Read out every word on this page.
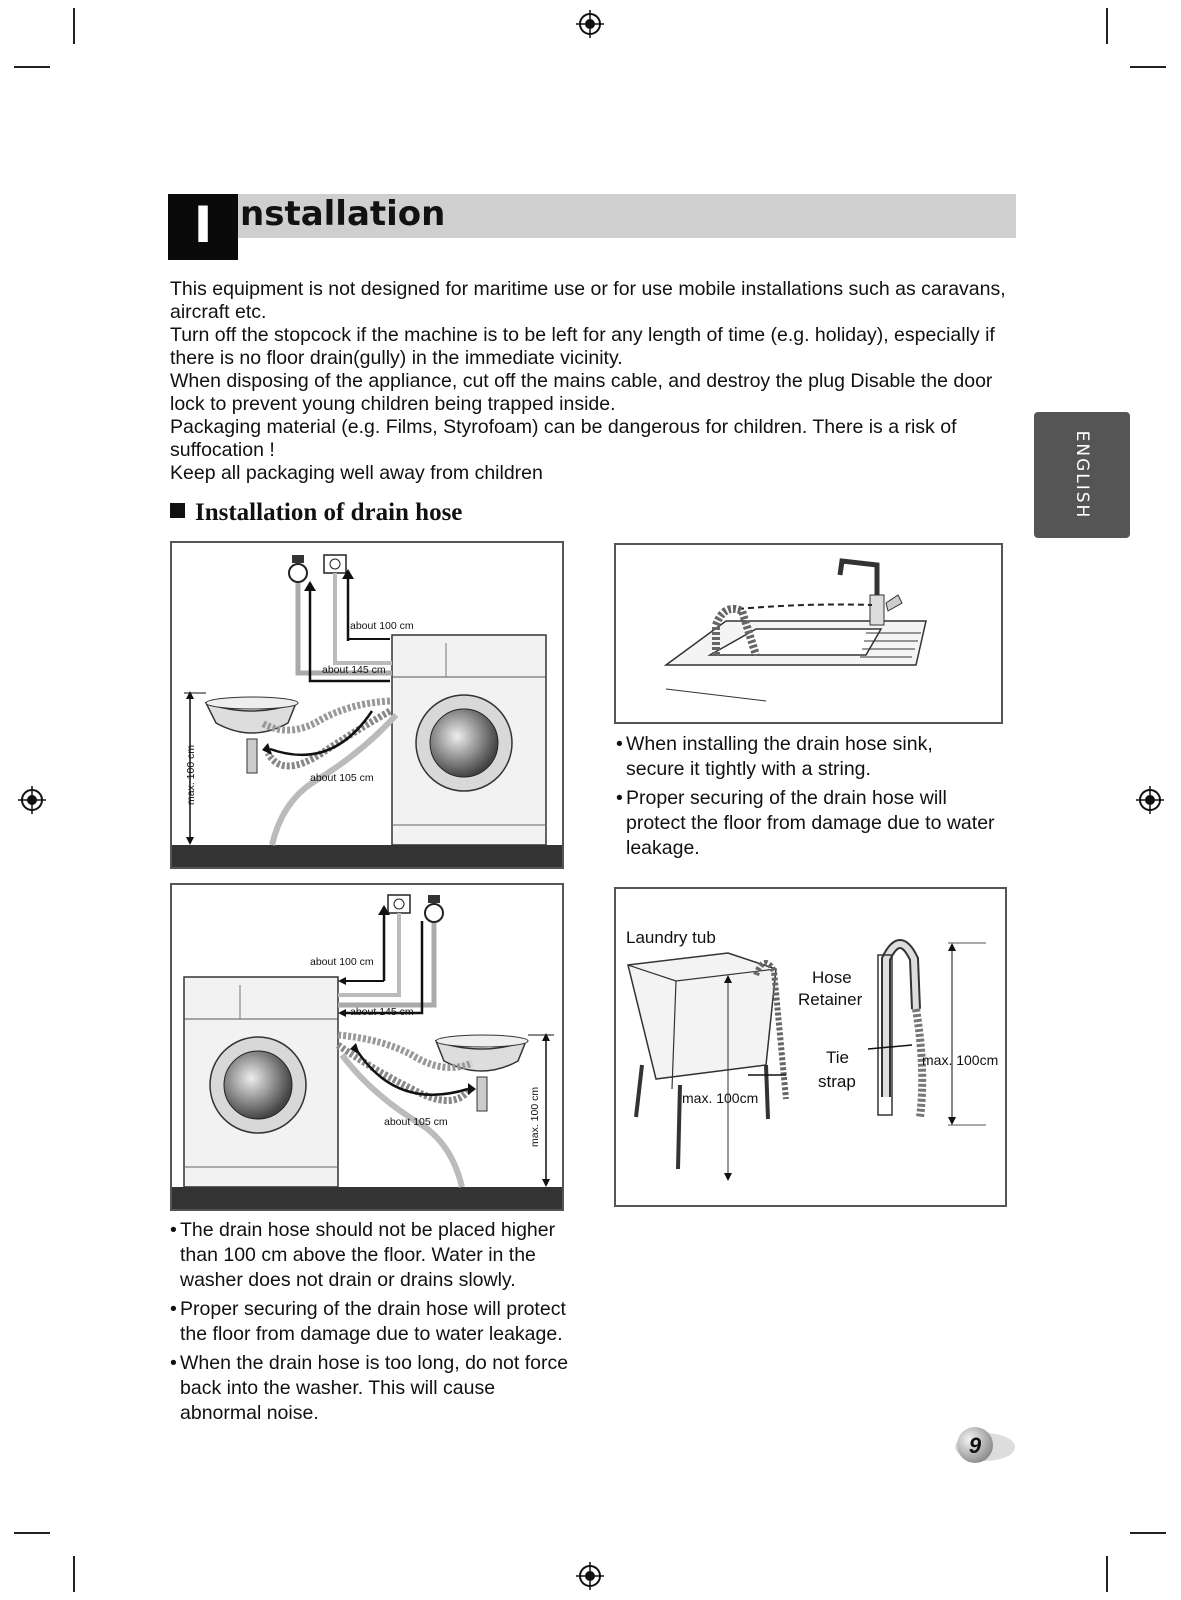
I nstallation
ENGLISH

This equipment is not designed for maritime use or for use mobile installations such as caravans, aircraft etc.

Turn off the stopcock if the machine is to be left for any length of time (e.g. holiday), especially if there is no floor drain(gully) in the immediate vicinity.

When disposing of the appliance, cut off the mains cable, and destroy the plug Disable the door lock to prevent young children being trapped inside.

Packaging material (e.g. Films, Styrofoam) can be dangerous for children. There is a risk of suffocation !

Keep all packaging well away from children

Installation of drain hose
about 100 cm
about 145 cm
about 105 cm
max. 100 cm
• When installing the drain hose sink, secure it tightly with a string.
• Proper securing of the drain hose will protect the floor from damage due to water leakage.
about 100 cm
about 145 cm
about 105 cm	max. 100 cm
Laundry tub
Hose
Retainer
Tie
strap
max. 100cm
max. 100cm
• The drain hose should not be placed higher than 100 cm above the floor. Water in the washer does not drain or drains slowly.
• Proper securing of the drain hose will protect the floor from damage due to water leakage.
• When the drain hose is too long, do not force back into the washer. This will cause abnormal noise.
9
